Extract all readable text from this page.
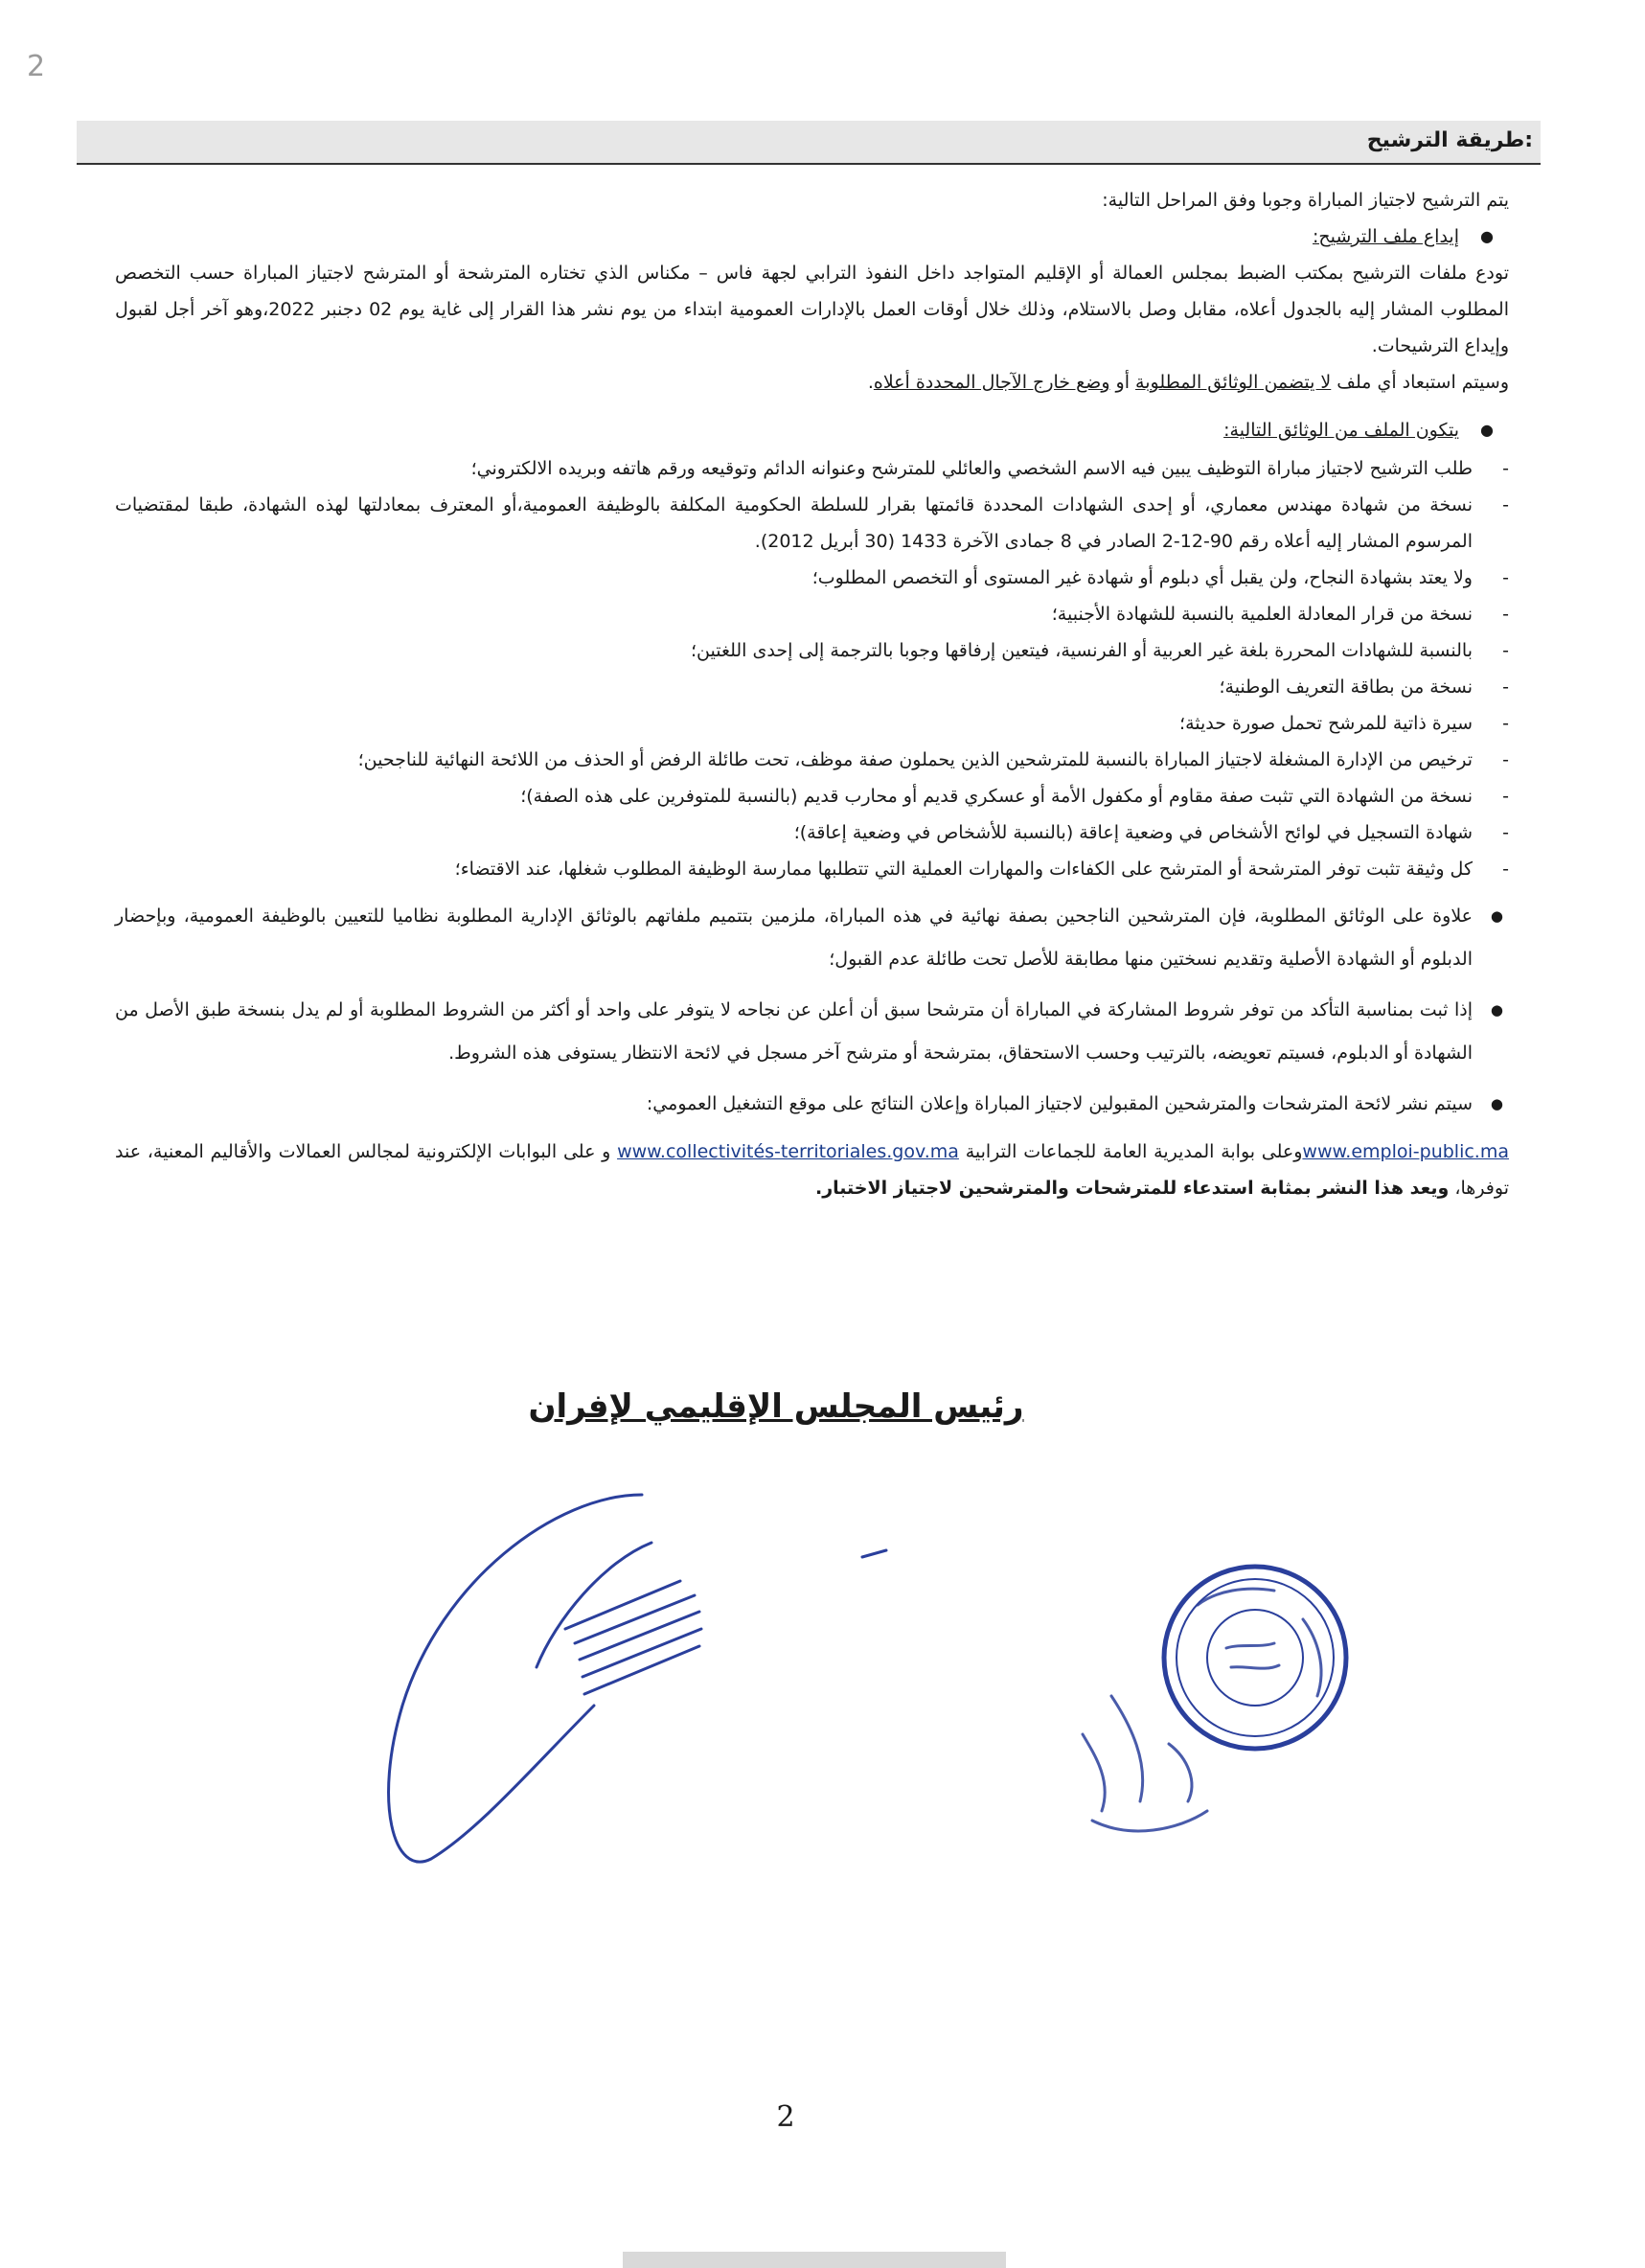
2
طريقة الترشيح:

يتم الترشيح لاجتياز المباراة وجوبا وفق المراحل التالية:

● إيداع ملف الترشيح:

تودع ملفات الترشيح بمكتب الضبط بمجلس العمالة أو الإقليم المتواجد داخل النفوذ الترابي لجهة فاس – مكناس الذي تختاره المترشحة أو المترشح لاجتياز المباراة حسب التخصص المطلوب المشار إليه بالجدول أعلاه، مقابل وصل بالاستلام، وذلك خلال أوقات العمل بالإدارات العمومية ابتداء من يوم نشر هذا القرار إلى غاية يوم 02 دجنبر 2022،وهو آخر أجل لقبول وإيداع الترشيحات.

وسيتم استبعاد أي ملف لا يتضمن الوثائق المطلوبة أو وضع خارج الآجال المحددة أعلاه.

● يتكون الملف من الوثائق التالية:

- طلب الترشيح لاجتياز مباراة التوظيف يبين فيه الاسم الشخصي والعائلي للمترشح وعنوانه الدائم وتوقيعه ورقم هاتفه وبريده الالكتروني؛
- نسخة من شهادة مهندس معماري، أو إحدى الشهادات المحددة قائمتها بقرار للسلطة الحكومية المكلفة بالوظيفة العمومية،أو المعترف بمعادلتها لهذه الشهادة، طبقا لمقتضيات المرسوم المشار إليه أعلاه رقم 90-12-2 الصادر في 8 جمادى الآخرة 1433 (30 أبريل 2012).
- ولا يعتد بشهادة النجاح، ولن يقبل أي دبلوم أو شهادة غير المستوى أو التخصص المطلوب؛
- نسخة من قرار المعادلة العلمية بالنسبة للشهادة الأجنبية؛
- بالنسبة للشهادات المحررة بلغة غير العربية أو الفرنسية، فيتعين إرفاقها وجوبا بالترجمة إلى إحدى اللغتين؛
- نسخة من بطاقة التعريف الوطنية؛
- سيرة ذاتية للمرشح تحمل صورة حديثة؛
- ترخيص من الإدارة المشغلة لاجتياز المباراة بالنسبة للمترشحين الذين يحملون صفة موظف، تحت طائلة الرفض أو الحذف من اللائحة النهائية للناجحين؛
- نسخة من الشهادة التي تثبت صفة مقاوم أو مكفول الأمة أو عسكري قديم أو محارب قديم (بالنسبة للمتوفرين على هذه الصفة)؛
- شهادة التسجيل في لوائح الأشخاص في وضعية إعاقة (بالنسبة للأشخاص في وضعية إعاقة)؛
- كل وثيقة تثبت توفر المترشحة أو المترشح على الكفاءات والمهارات العملية التي تتطلبها ممارسة الوظيفة المطلوب شغلها، عند الاقتضاء؛
● علاوة على الوثائق المطلوبة، فإن المترشحين الناجحين بصفة نهائية في هذه المباراة، ملزمين بتتميم ملفاتهم بالوثائق الإدارية المطلوبة نظاميا للتعيين بالوظيفة العمومية، وبإحضار الدبلوم أو الشهادة الأصلية وتقديم نسختين منها مطابقة للأصل تحت طائلة عدم القبول؛
● إذا ثبت بمناسبة التأكد من توفر شروط المشاركة في المباراة أن مترشحا سبق أن أعلن عن نجاحه لا يتوفر على واحد أو أكثر من الشروط المطلوبة أو لم يدل بنسخة طبق الأصل من الشهادة أو الدبلوم، فسيتم تعويضه، بالترتيب وحسب الاستحقاق، بمترشحة أو مترشح آخر مسجل في لائحة الانتظار يستوفى هذه الشروط.
● سيتم نشر لائحة المترشحات والمترشحين المقبولين لاجتياز المباراة وإعلان النتائج على موقع التشغيل العمومي:

www.emploi-public.maوعلى بوابة المديرية العامة للجماعات الترابية www.collectivités-territoriales.gov.ma و على البوابات الإلكترونية لمجالس العمالات والأقاليم المعنية، عند توفرها، ويعد هذا النشر بمثابة استدعاء للمترشحات والمترشحين لاجتياز الاختبار.

رئيس المجلس الإقليمي لإفران
2
